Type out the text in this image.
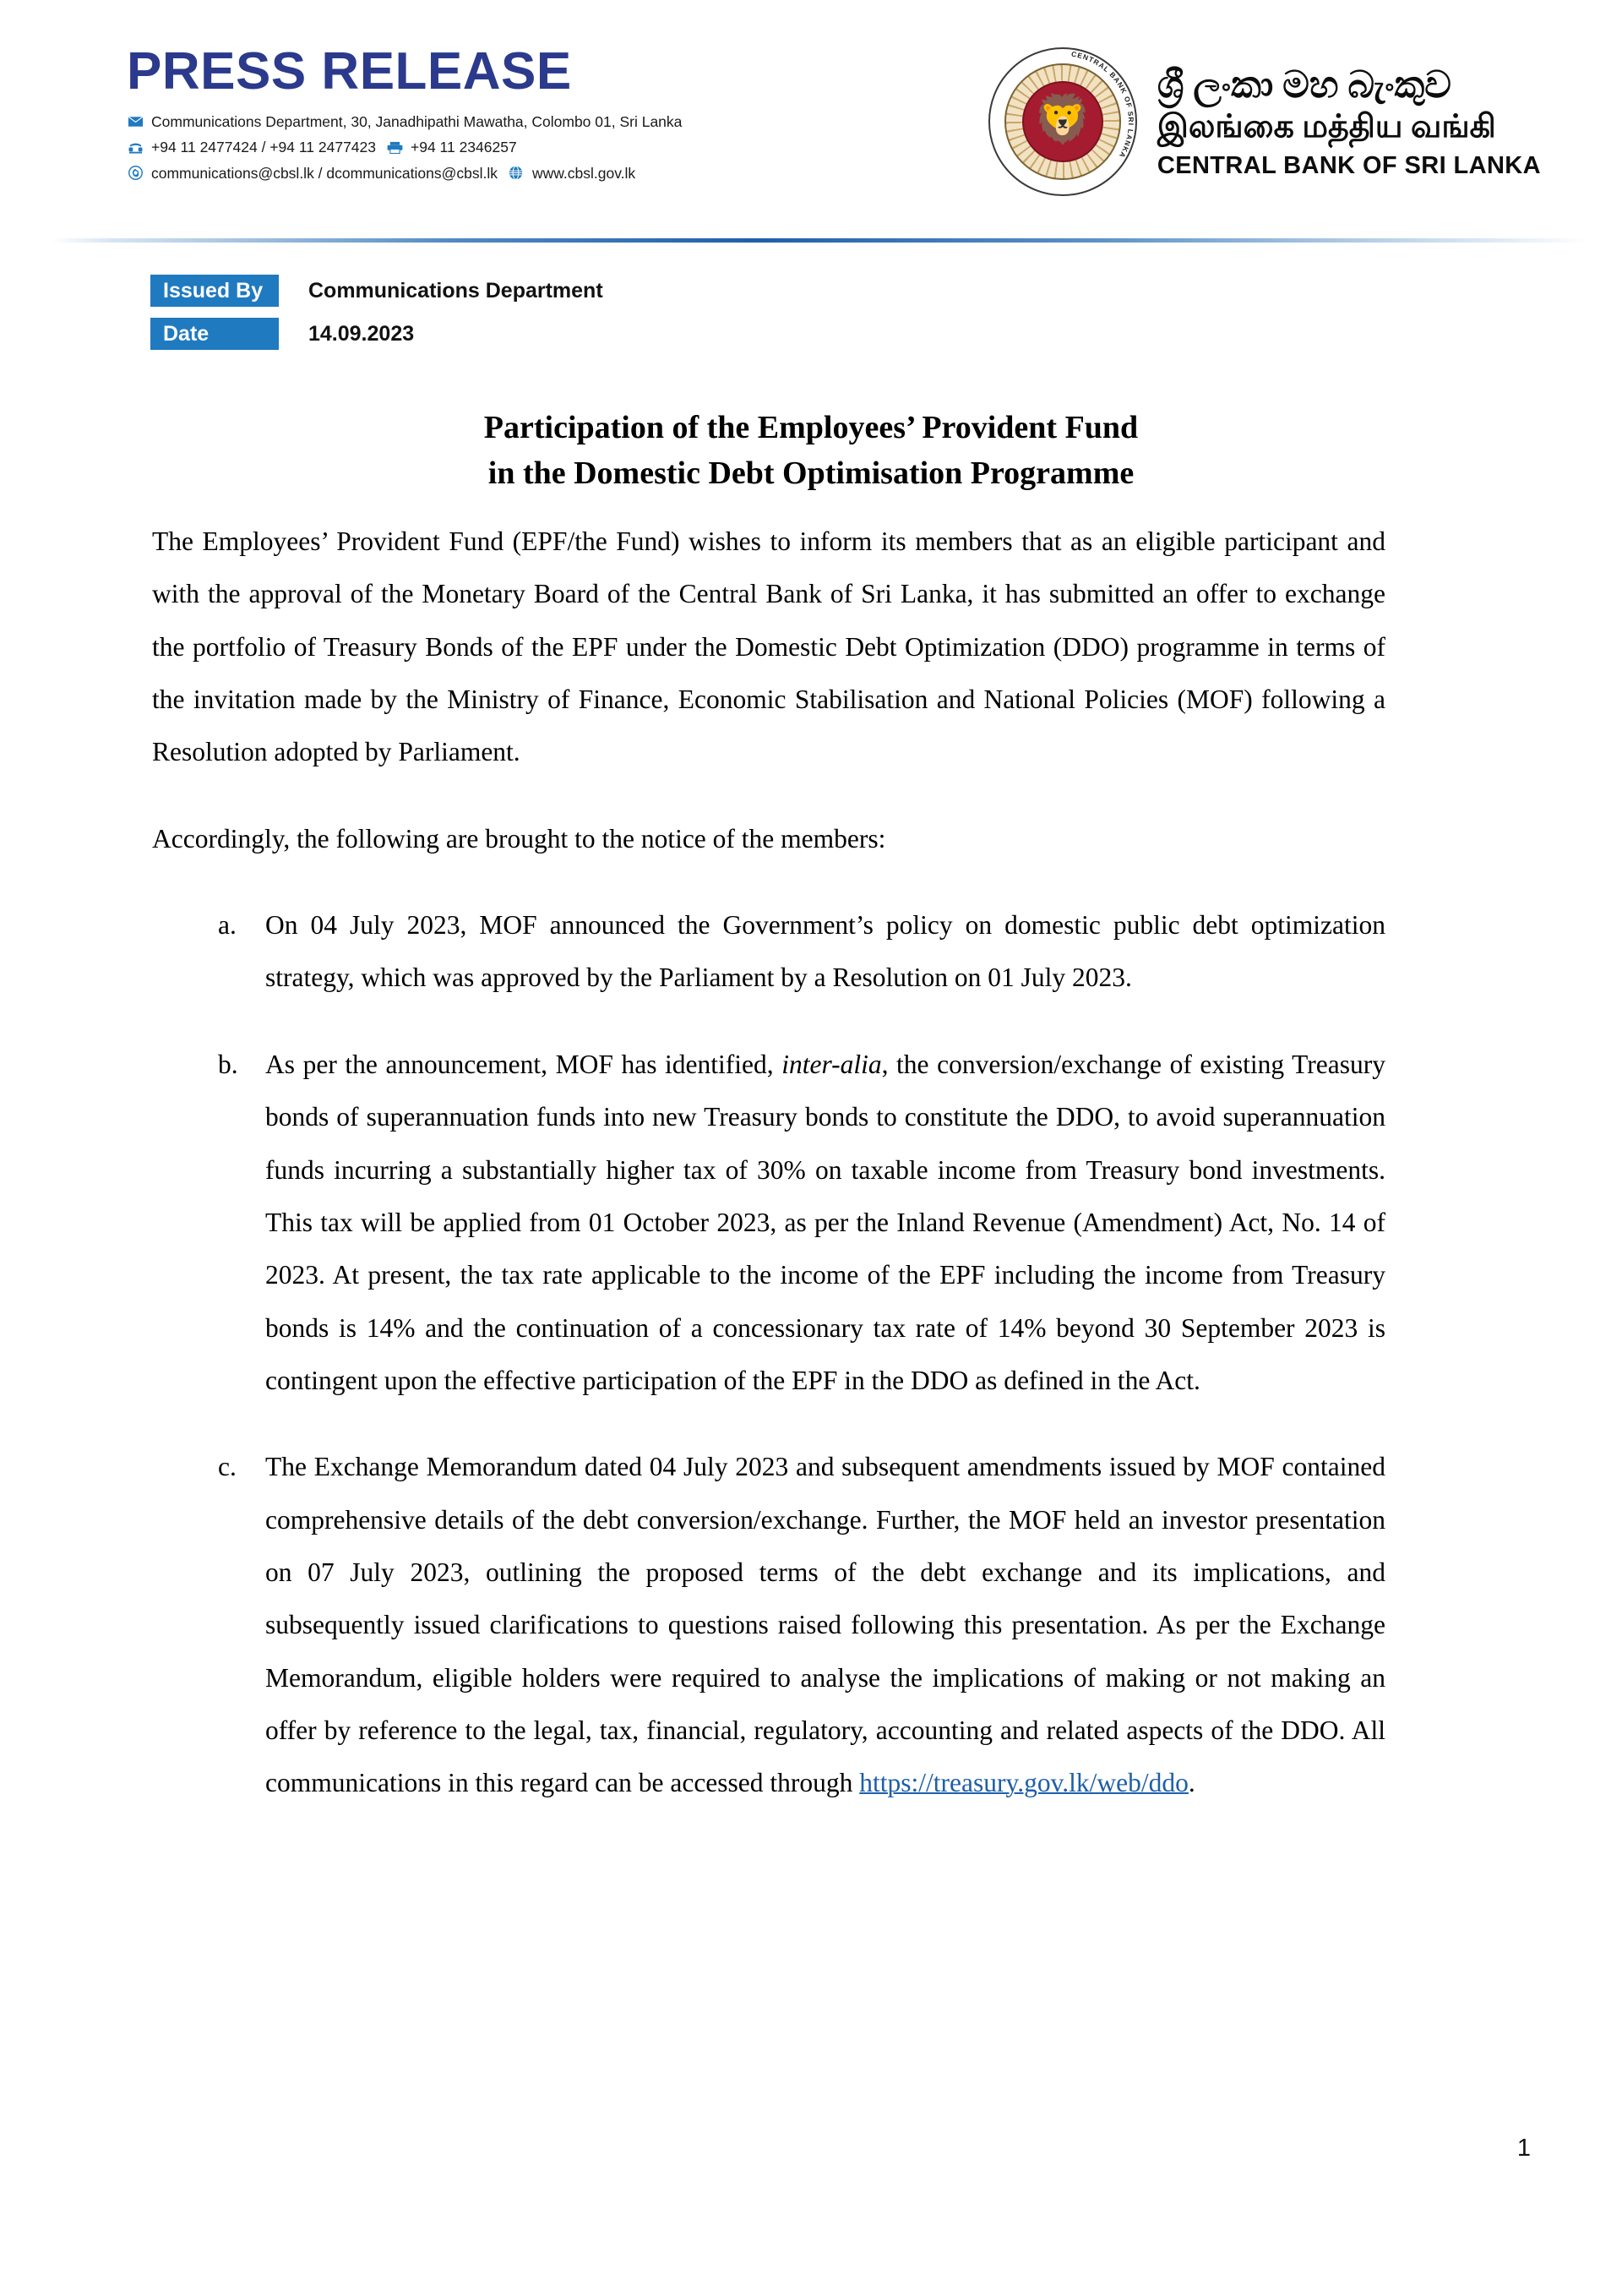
PRESS RELEASE
Communications Department, 30, Janadhipathi Mawatha, Colombo 01, Sri Lanka
+94 11 2477424 / +94 11 2477423 +94 11 2346257
communications@cbsl.lk / dcommunications@cbsl.lk www.cbsl.gov.lk
🦁
CENTRAL BANK OF SRI LANKA
ශ්‍රී ලංකා මහ බැංකුව
இலங்கை மத்திய வங்கி
CENTRAL BANK OF SRI LANKA
Issued By	Communications Department
Date	14.09.2023
Participation of the Employees’ Provident Fund
in the Domestic Debt Optimisation Programme

The Employees’ Provident Fund (EPF/the Fund) wishes to inform its members that as an eligible participant and with the approval of the Monetary Board of the Central Bank of Sri Lanka, it has submitted an offer to exchange the portfolio of Treasury Bonds of the EPF under the Domestic Debt Optimization (DDO) programme in terms of the invitation made by the Ministry of Finance, Economic Stabilisation and National Policies (MOF) following a Resolution adopted by Parliament.

Accordingly, the following are brought to the notice of the members:

a.	On 04 July 2023, MOF announced the Government’s policy on domestic public debt optimization strategy, which was approved by the Parliament by a Resolution on 01 July 2023.
b.	As per the announcement, MOF has identified, inter-alia, the conversion/exchange of existing Treasury bonds of superannuation funds into new Treasury bonds to constitute the DDO, to avoid superannuation funds incurring a substantially higher tax of 30% on taxable income from Treasury bond investments. This tax will be applied from 01 October 2023, as per the Inland Revenue (Amendment) Act, No. 14 of 2023. At present, the tax rate applicable to the income of the EPF including the income from Treasury bonds is 14% and the continuation of a concessionary tax rate of 14% beyond 30 September 2023 is contingent upon the effective participation of the EPF in the DDO as defined in the Act.
c.	The Exchange Memorandum dated 04 July 2023 and subsequent amendments issued by MOF contained comprehensive details of the debt conversion/exchange. Further, the MOF held an investor presentation on 07 July 2023, outlining the proposed terms of the debt exchange and its implications, and subsequently issued clarifications to questions raised following this presentation. As per the Exchange Memorandum, eligible holders were required to analyse the implications of making or not making an offer by reference to the legal, tax, financial, regulatory, accounting and related aspects of the DDO. All communications in this regard can be accessed through https://treasury.gov.lk/web/ddo.
1
